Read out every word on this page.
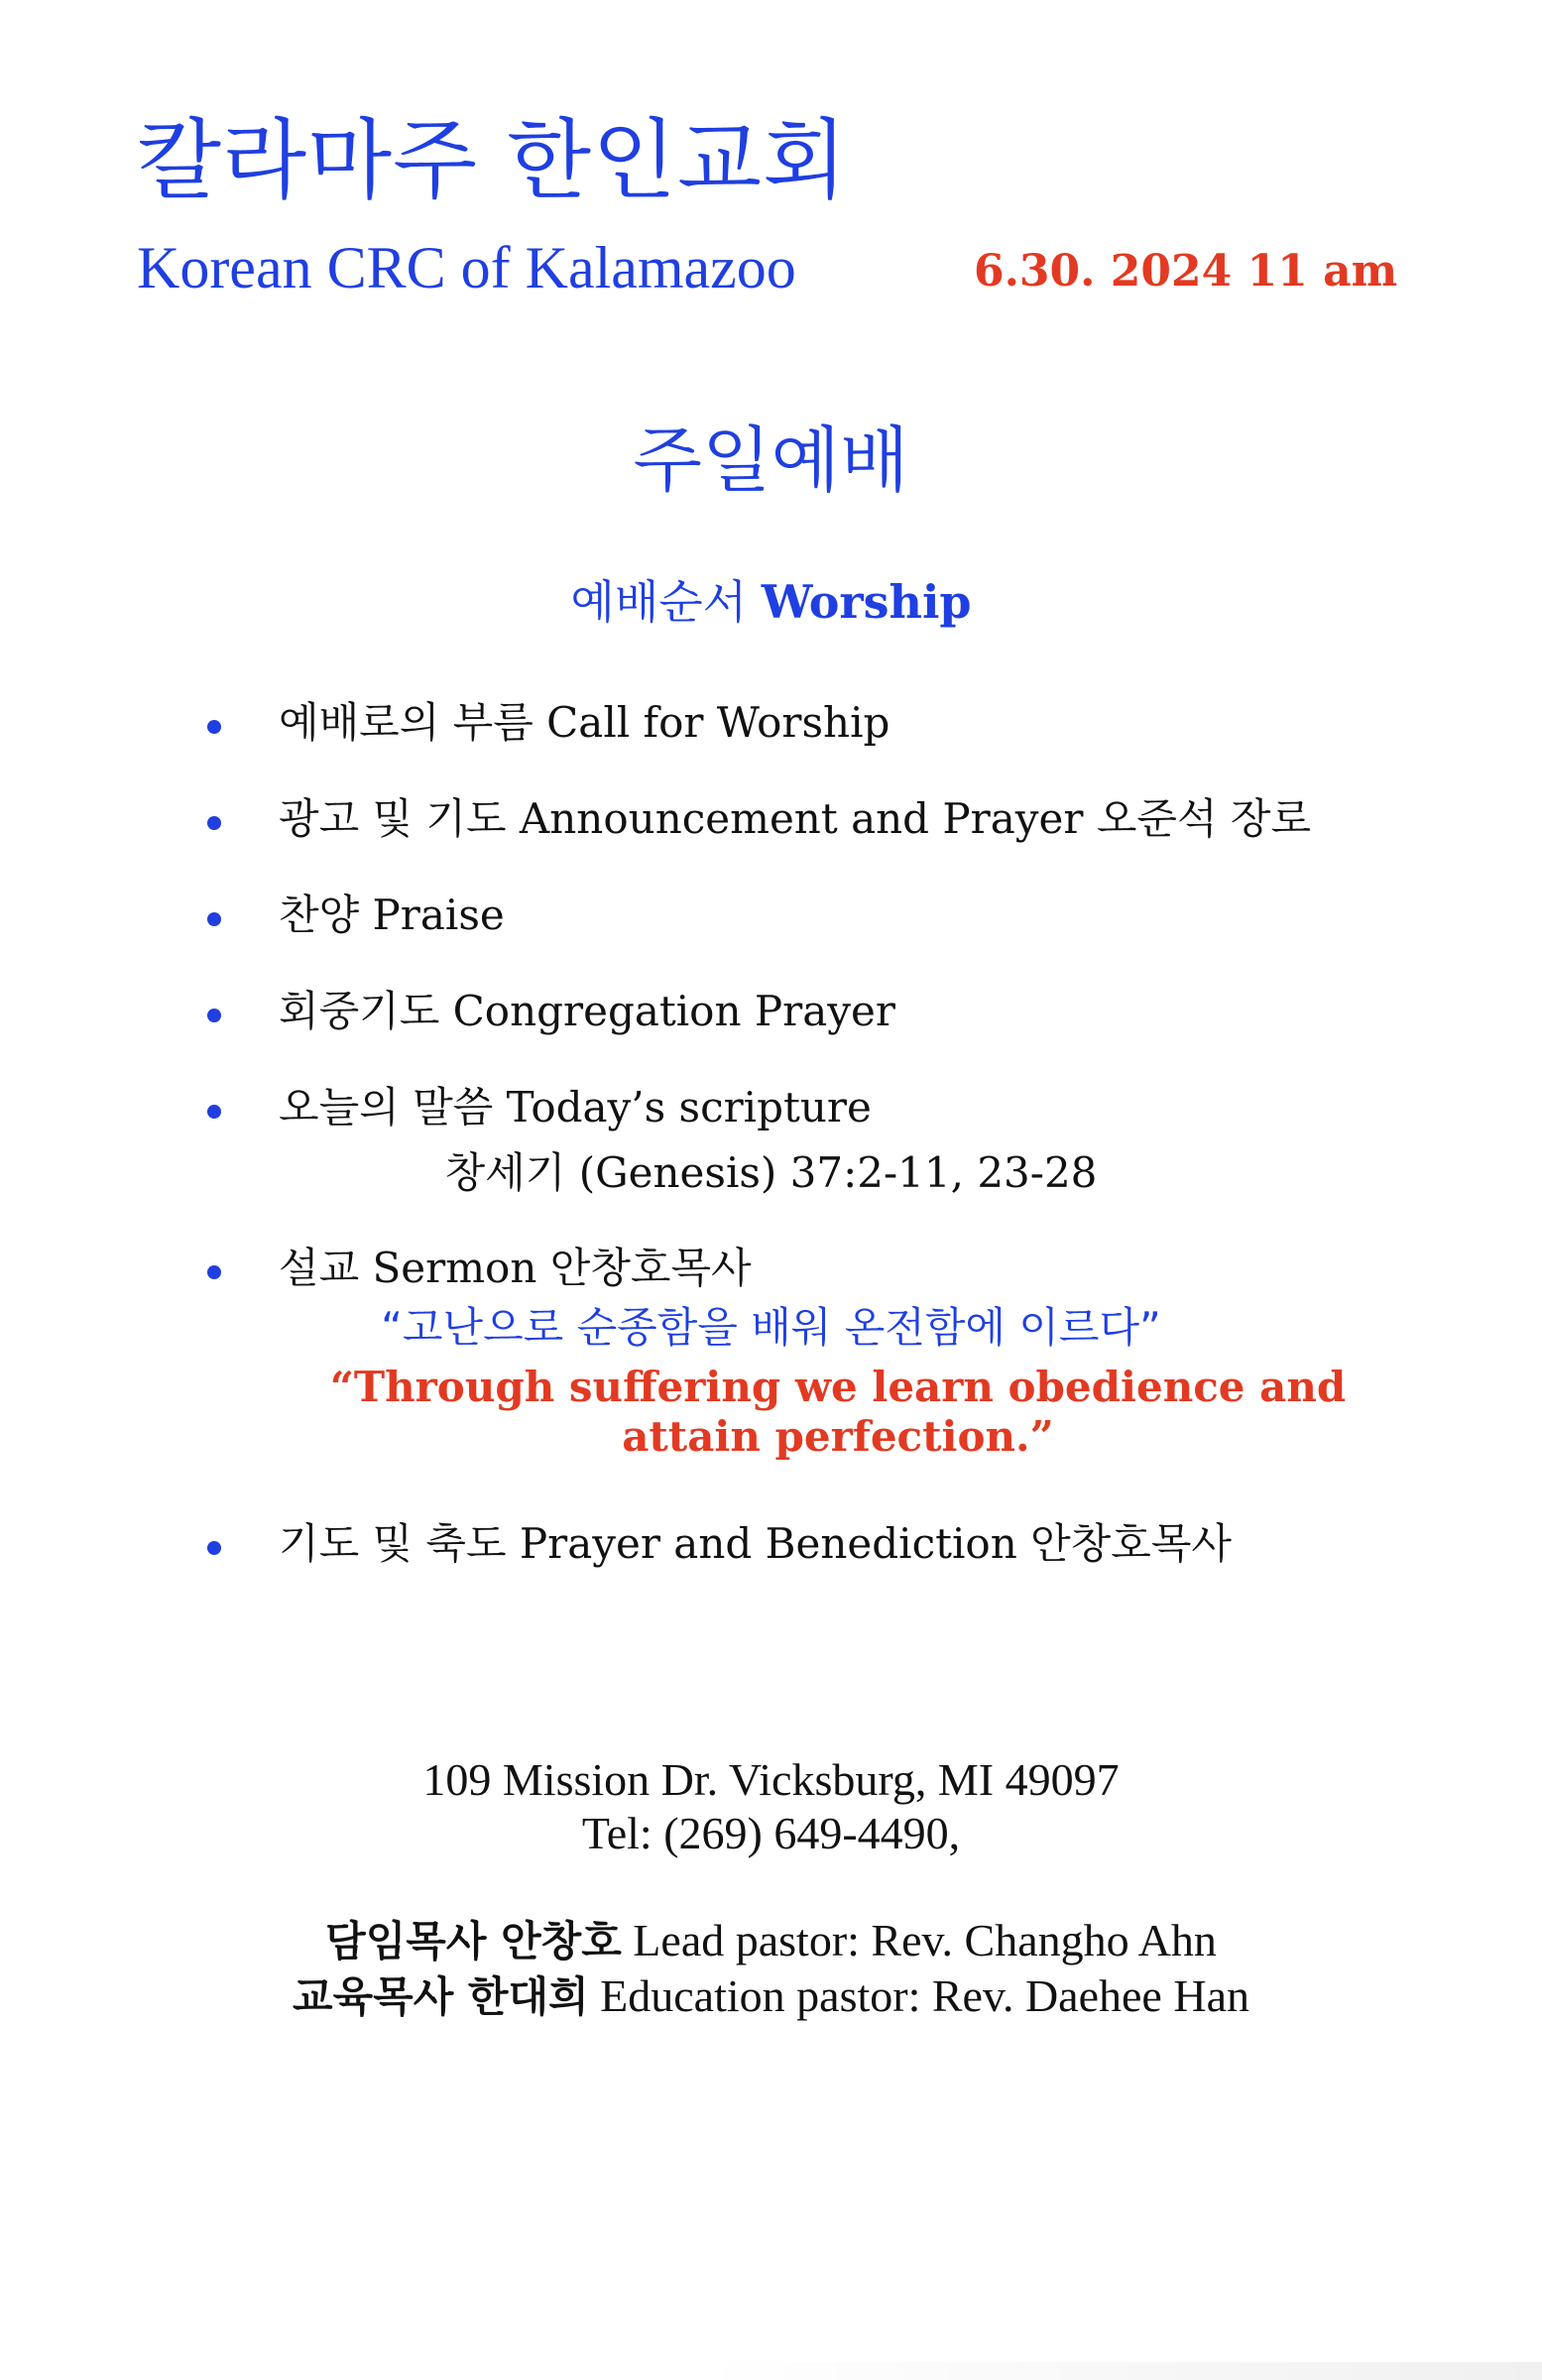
칼라마주 한인교회
Korean CRC of Kalamazoo	6.30. 2024 11 am
주일예배
예배순서 Worship
예배로의 부름 Call for Worship
광고 및 기도 Announcement and Prayer 오준석 장로
찬양 Praise
회중기도 Congregation Prayer
오늘의 말씀 Today’s scripture
창세기 (Genesis) 37:2-11, 23-28
설교 Sermon 안창호목사
“고난으로 순종함을 배워 온전함에 이르다”
“Through suffering we learn obedience and attain perfection.”
기도 및 축도 Prayer and Benediction 안창호목사
109 Mission Dr. Vicksburg, MI 49097
Tel: (269) 649-4490,
담임목사 안창호 Lead pastor: Rev. Changho Ahn
교육목사 한대희 Education pastor: Rev. Daehee Han
